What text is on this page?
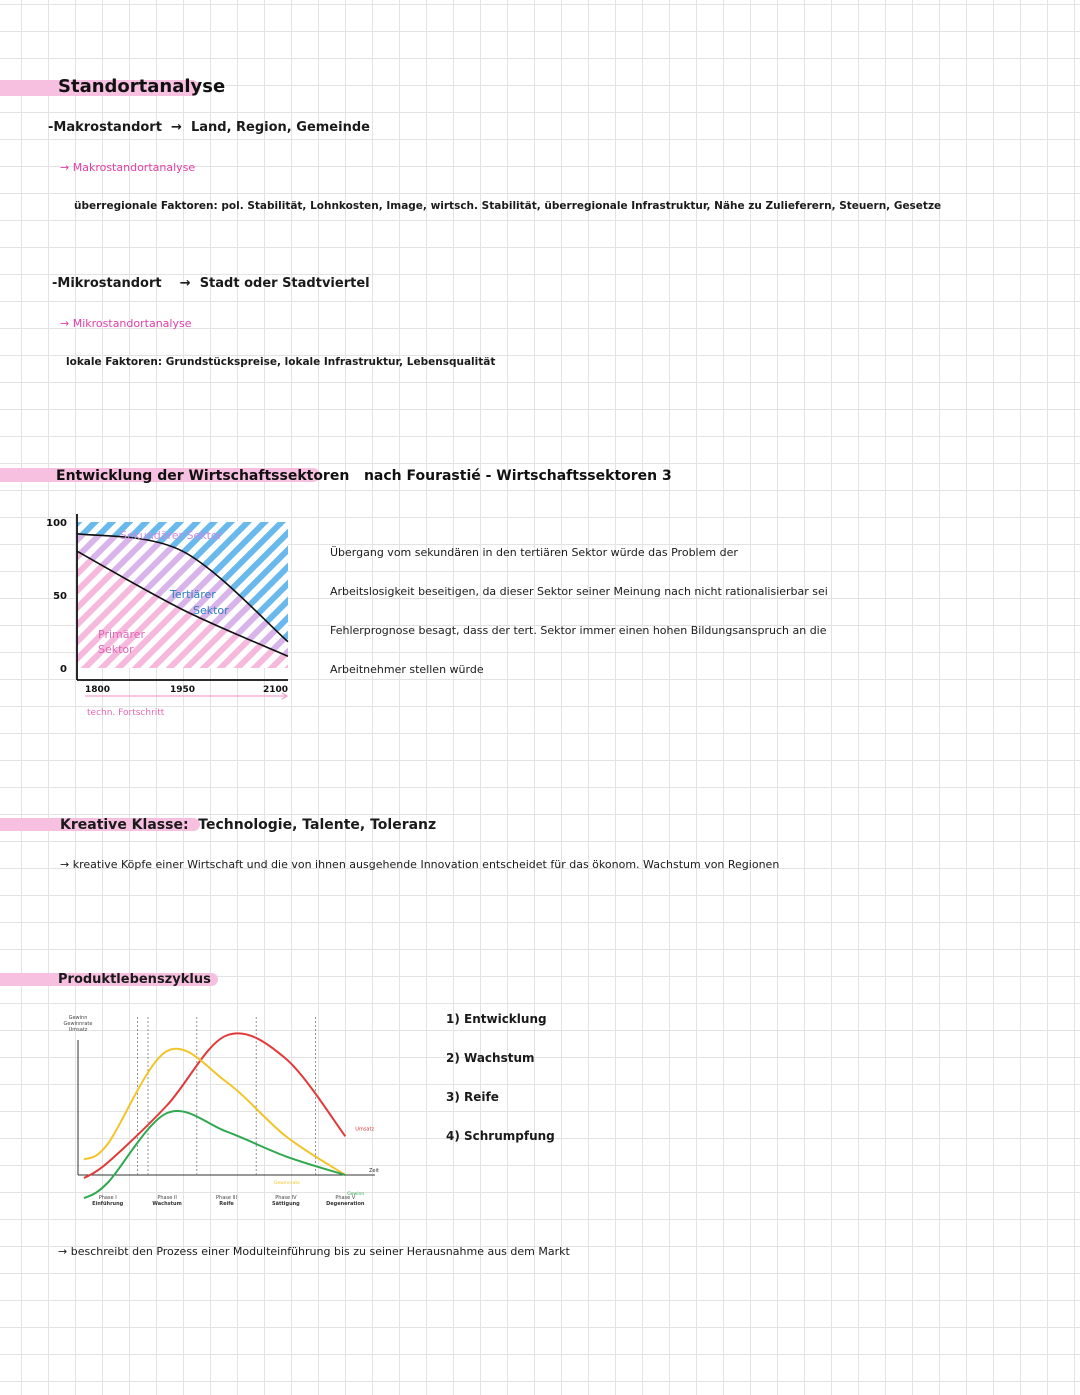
Standortanalyse
-Makrostandort  →  Land, Region, Gemeinde
→ Makrostandortanalyse
überregionale Faktoren: pol. Stabilität, Lohnkosten, Image, wirtsch. Stabilität, überregionale Infrastruktur, Nähe zu Zulieferern, Steuern, Gesetze
-Mikrostandort    →  Stadt oder Stadtviertel
→ Mikrostandortanalyse
lokale Faktoren: Grundstückspreise, lokale Infrastruktur, Lebensqualität
Entwicklung der Wirtschaftssektoren nach Fourastié - Wirtschaftssektoren 3
100
50
0
1800	1950	2100
techn. Fortschritt
Sekundärer Sektor
Tertiärer
Sektor
Primärer
Sektor
Übergang vom sekundären in den tertiären Sektor würde das Problem der
Arbeitslosigkeit beseitigen, da dieser Sektor seiner Meinung nach nicht rationalisierbar sei
Fehlerprognose besagt, dass der tert. Sektor immer einen hohen Bildungsanspruch an die
Arbeitnehmer stellen würde
Kreative Klasse: Technologie, Talente, Toleranz
→ kreative Köpfe einer Wirtschaft und die von ihnen ausgehende Innovation entscheidet für das ökonom. Wachstum von Regionen
Produktlebenszyklus
Gewinn
Gewinnrate
Umsatz
Umsatz
Gewinnrate
Gewinn
Zeit
Phase I
Einführung
Phase II
Wachstum
Phase III
Reife
Phase IV
Sättigung
Phase V
Degeneration
1) Entwicklung
2) Wachstum
3) Reife
4) Schrumpfung
→ beschreibt den Prozess einer Modulteinführung bis zu seiner Herausnahme aus dem Markt
